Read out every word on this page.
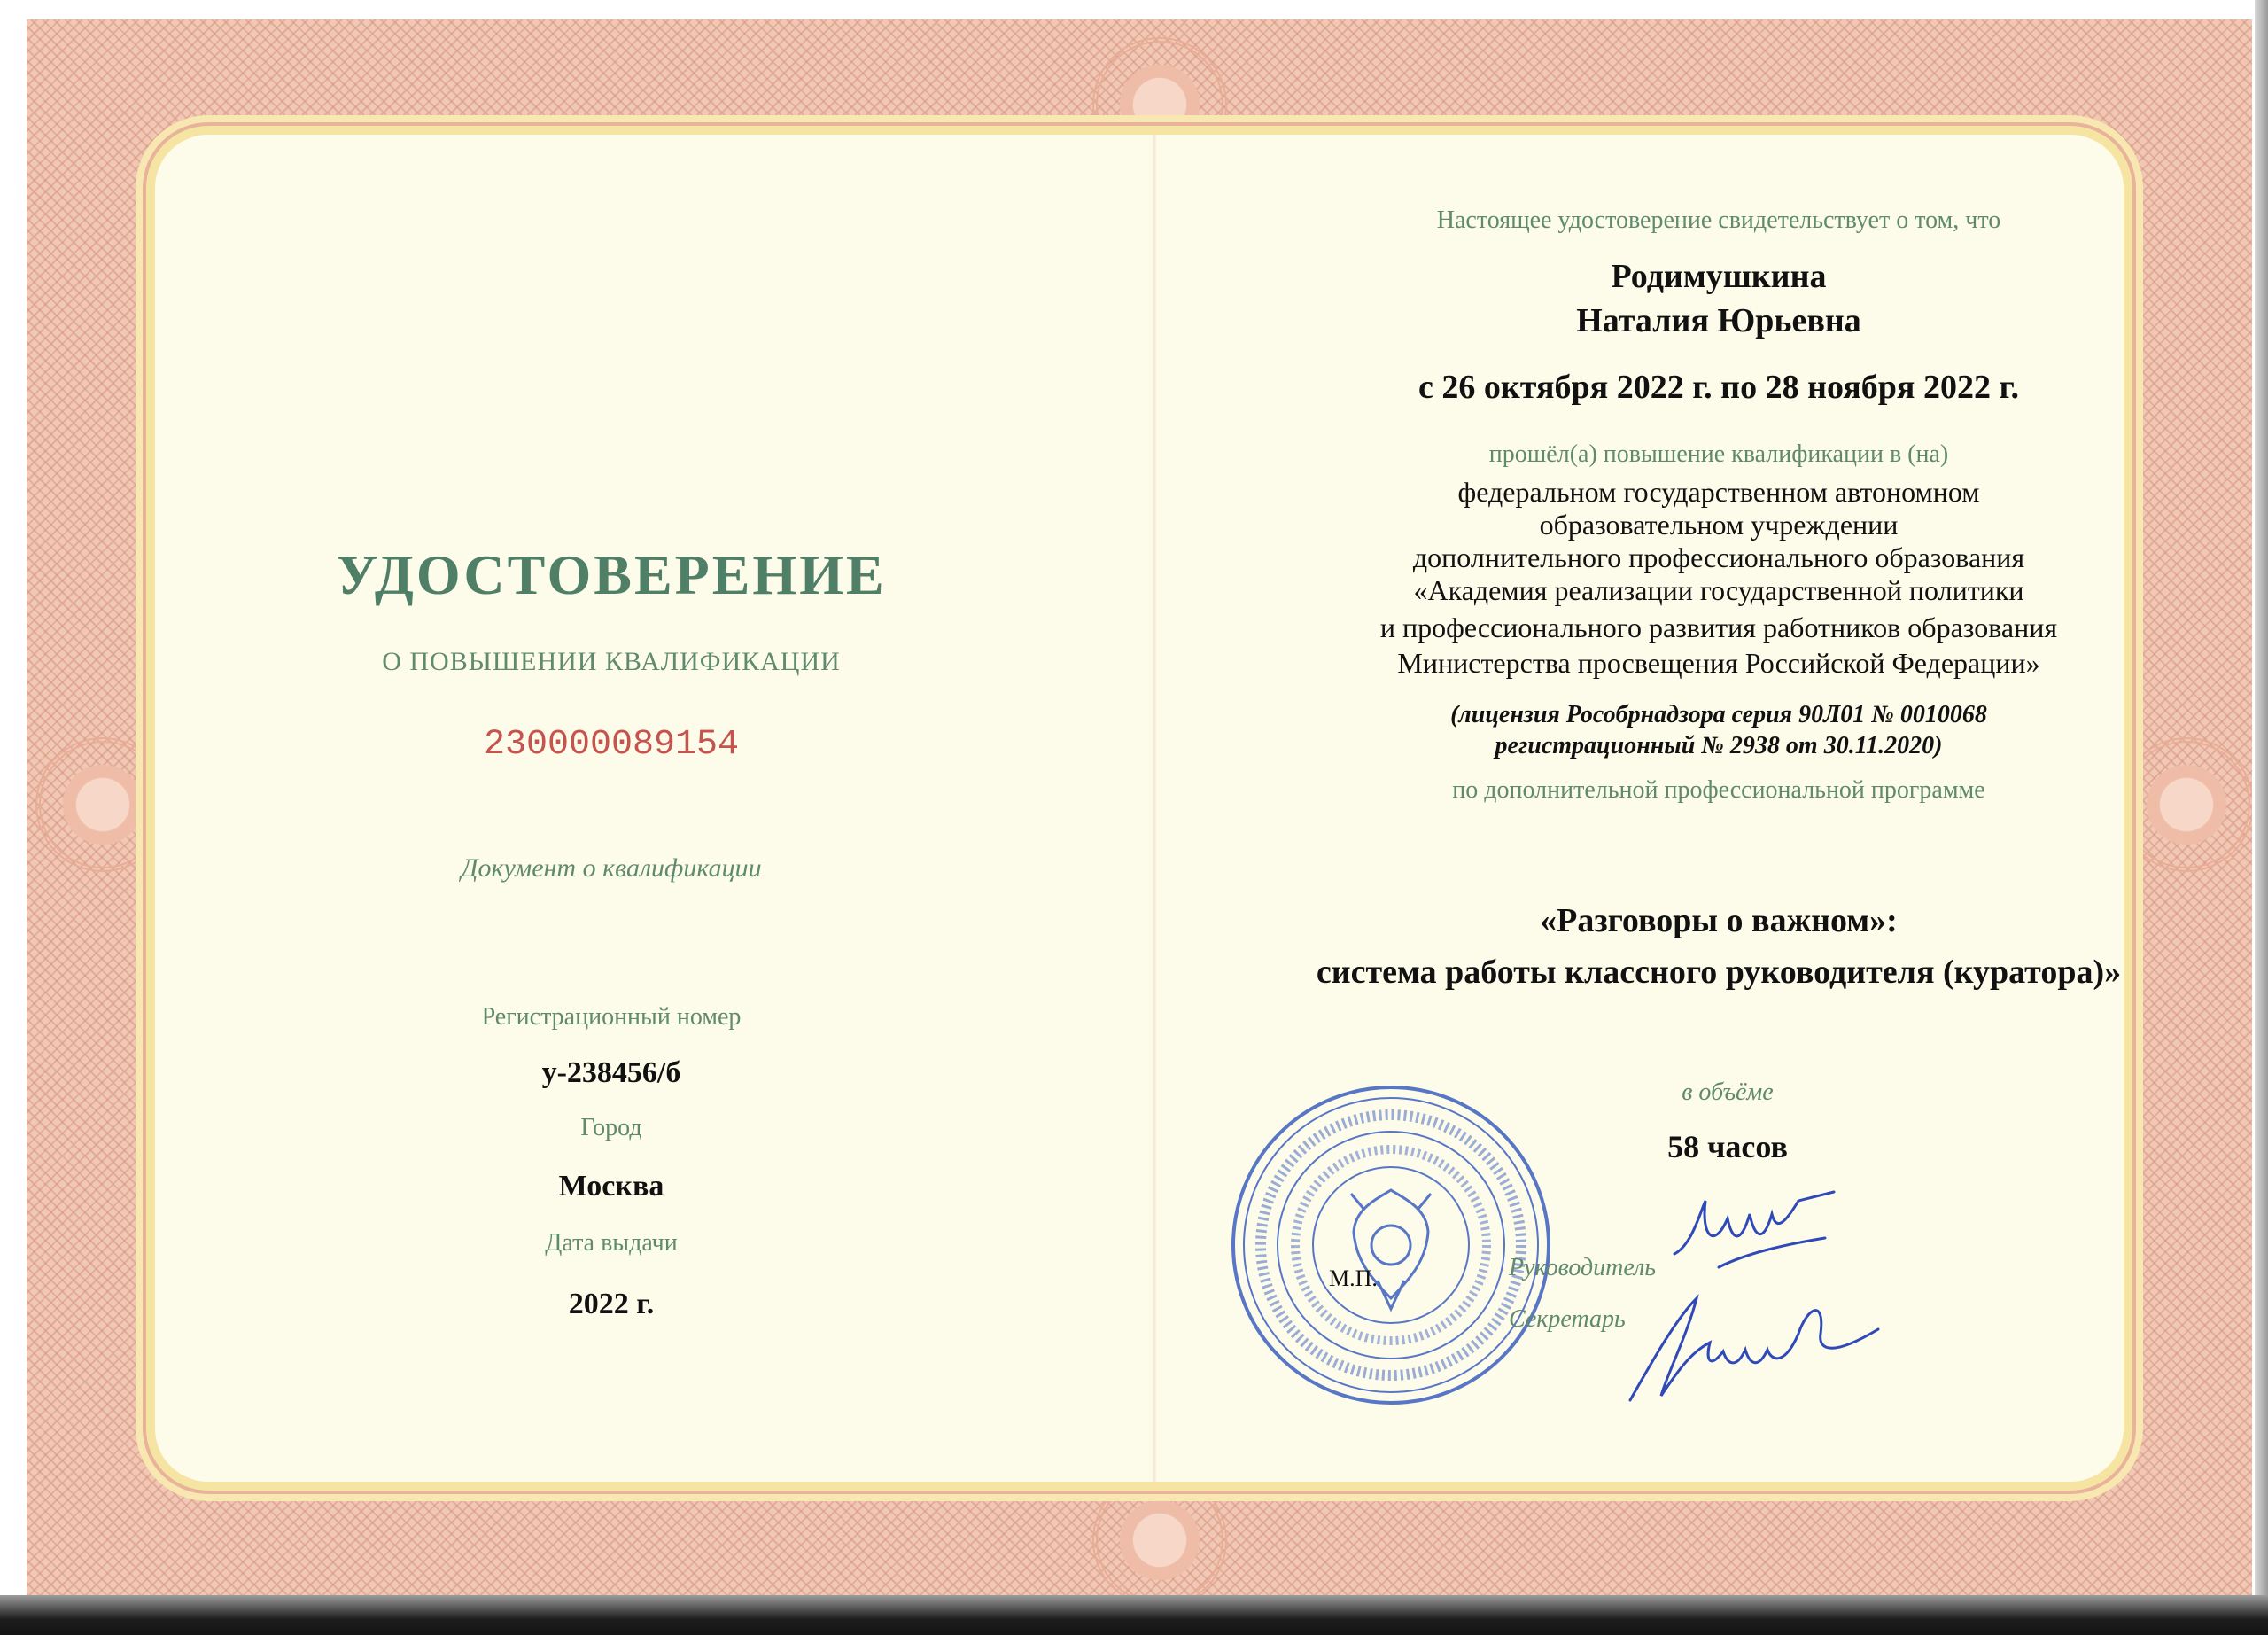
УДОСТОВЕРЕНИЕ
О ПОВЫШЕНИИ КВАЛИФИКАЦИИ
230000089154
Документ о квалификации
Регистрационный номер
у-238456/б
Город
Москва
Дата выдачи
2022 г.
Настоящее удостоверение свидетельствует о том, что
Родимушкина
Наталия Юрьевна
с 26 октября 2022 г. по 28 ноября 2022 г.
прошёл(а) повышение квалификации в (на)
федеральном государственном автономном
образовательном учреждении
дополнительного профессионального образования
«Академия реализации государственной политики
и профессионального развития работников образования
Министерства просвещения Российской Федерации»
(лицензия Рособрнадзора серия 90Л01 № 0010068
регистрационный № 2938 от 30.11.2020)
по дополнительной профессиональной программе
«Разговоры о важном»:
система работы классного руководителя (куратора)»
в объёме
58 часов
М.П.	Руководитель
Секретарь
